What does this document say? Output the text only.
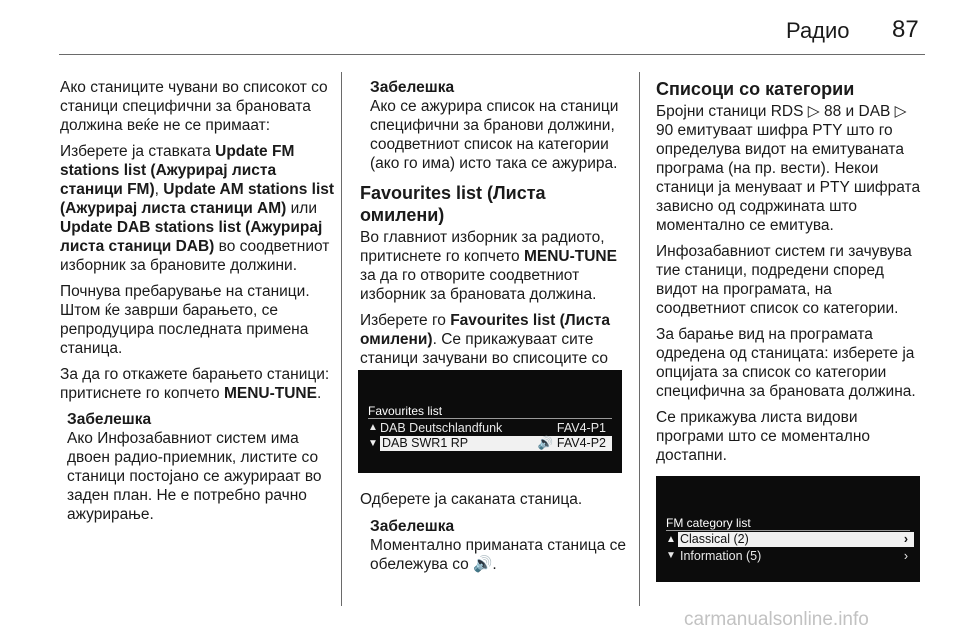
Радио 87

Ако станиците чувани во списокот со станици специфични за брановата должина веќе не се примаат:

Изберете ја ставката Update FM stations list (Ажурирај листа станици FM), Update AM stations list (Ажурирај листа станици AM) или Update DAB stations list (Ажурирај листа станици DAB) во соодветниот изборник за брановите должини.

Почнува пребарување на станици. Штом ќе заврши барањето, се репродуцира последната примена станица.

За да го откажете барањето станици: притиснете го копчето MENU-TUNE.

Забелешка
Ако Инфозабавниот систем има двоен радио-приемник, листите со станици постојано се ажурираат во заден план. Не е потребно рачно ажурирање.
Забелешка
Ако се ажурира список на станици специфични за бранови должини, соодветниот список на категории (ако го има) исто така се ажурира.
Favourites list (Листа омилени)

Во главниот изборник за радиото, притиснете го копчето MENU-TUNE за да го отворите соодветниот изборник за брановата должина.

Изберете го Favourites list (Листа омилени). Се прикажуваат сите станици зачувани во списоците со

Favourites list
▲ DAB Deutschlandfunk	FAV4-P1
▼ DAB SWR1 RP	🔊 FAV4-P2

Одберете ја саканата станица.

Забелешка
Моментално приманата станица се обележува со 🔊.
Списоци со категории

Бројни станици RDS ▷ 88 и DAB ▷ 90 емитуваат шифра PTY што го определува видот на емитуваната програма (на пр. вести). Некои станици ја менуваат и PTY шифрата зависно од содржината што моментално се емитува.

Инфозабавниот систем ги зачувува тие станици, подредени според видот на програмата, на соодветниот список со категории.

За барање вид на програмата одредена од станицата: изберете ја опцијата за список со категории специфична за брановата должина.

Се прикажува листа видови програми што се моментално достапни.

FM category list
▲ Classical (2)	›
▼ Information (5)	›
carmanualsonline.info
